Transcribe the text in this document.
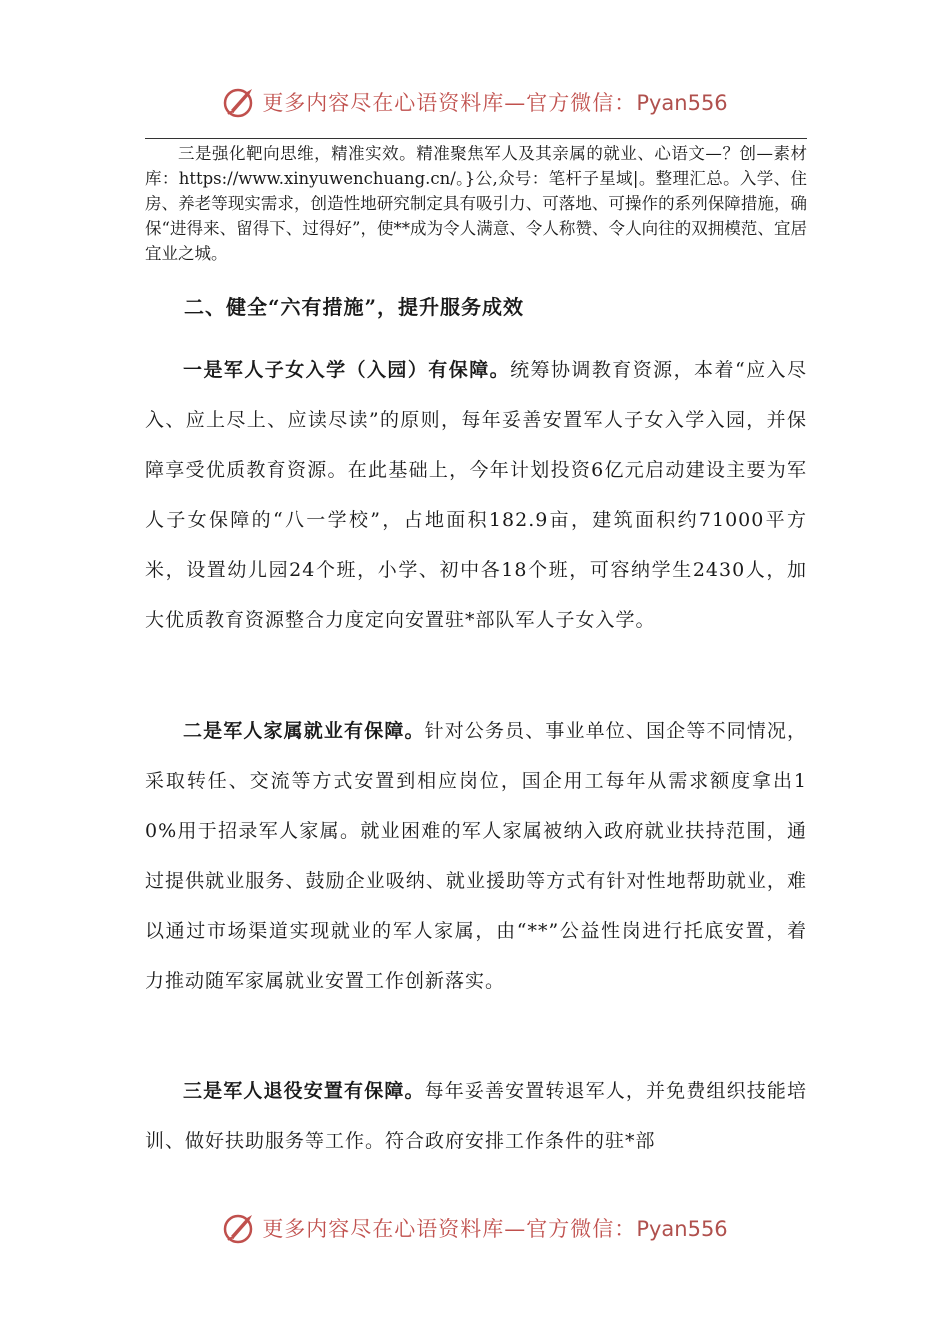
更多内容尽在心语资料库—官方微信：Pyan556

三是强化靶向思维，精准实效。精准聚焦军人及其亲属的就业、心语文—？创—素材库：https://www.xinyuwenchuang.cn/。}公,众号：笔杆子星域|。整理汇总。入学、住房、养老等现实需求，创造性地研究制定具有吸引力、可落地、可操作的系列保障措施，确保“进得来、留得下、过得好”，使**成为令人满意、令人称赞、令人向往的双拥模范、宜居宜业之城。

二、健全“六有措施”，提升服务成效

一是军人子女入学（入园）有保障。统筹协调教育资源，本着“应入尽入、应上尽上、应读尽读”的原则，每年妥善安置军人子女入学入园，并保障享受优质教育资源。在此基础上，今年计划投资6亿元启动建设主要为军人子女保障的“八一学校”，占地面积182.9亩，建筑面积约71000平方米，设置幼儿园24个班，小学、初中各18个班，可容纳学生2430人，加大优质教育资源整合力度定向安置驻*部队军人子女入学。

二是军人家属就业有保障。针对公务员、事业单位、国企等不同情况，采取转任、交流等方式安置到相应岗位，国企用工每年从需求额度拿出10%用于招录军人家属。就业困难的军人家属被纳入政府就业扶持范围，通过提供就业服务、鼓励企业吸纳、就业援助等方式有针对性地帮助就业，难以通过市场渠道实现就业的军人家属，由“**”公益性岗进行托底安置，着力推动随军家属就业安置工作创新落实。

三是军人退役安置有保障。每年妥善安置转退军人，并免费组织技能培训、做好扶助服务等工作。符合政府安排工作条件的驻*部

更多内容尽在心语资料库—官方微信：Pyan556
